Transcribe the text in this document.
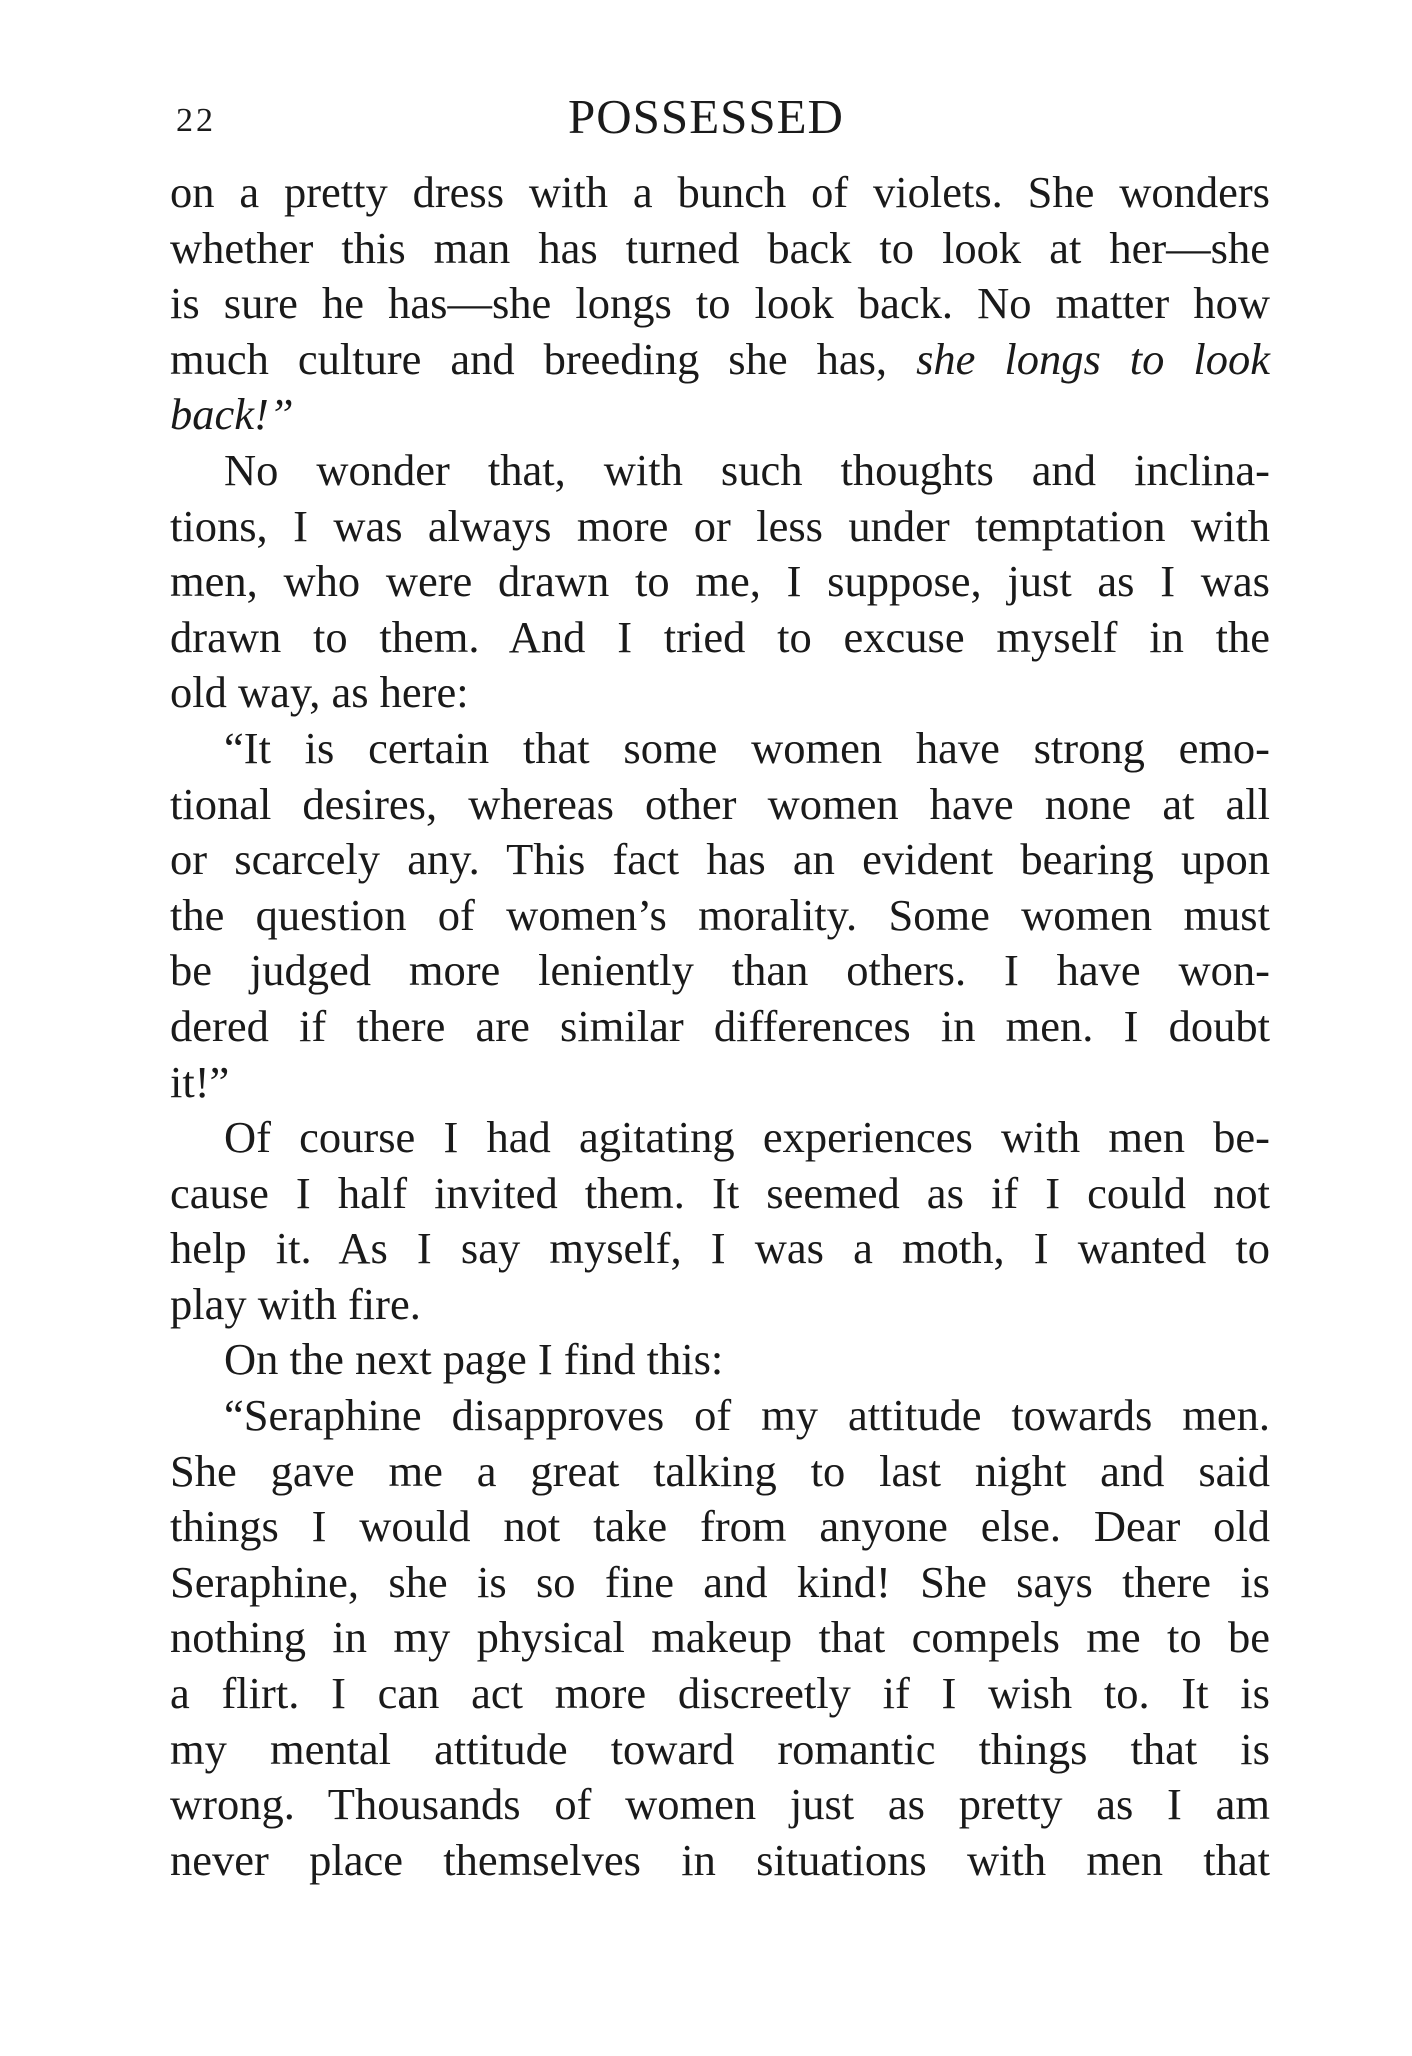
22	POSSESSED
on a pretty dress with a bunch of violets. She wonders
whether this man has turned back to look at her—she
is sure he has—she longs to look back. No matter how
much culture and breeding she has, she longs to look
back!”
No wonder that, with such thoughts and inclina-
tions, I was always more or less under temptation with
men, who were drawn to me, I suppose, just as I was
drawn to them. And I tried to excuse myself in the
old way, as here:
“It is certain that some women have strong emo-
tional desires, whereas other women have none at all
or scarcely any. This fact has an evident bearing upon
the question of women’s morality. Some women must
be judged more leniently than others. I have won-
dered if there are similar differences in men. I doubt
it!”
Of course I had agitating experiences with men be-
cause I half invited them. It seemed as if I could not
help it. As I say myself, I was a moth, I wanted to
play with fire.
On the next page I find this:
“Seraphine disapproves of my attitude towards men.
She gave me a great talking to last night and said
things I would not take from anyone else. Dear old
Seraphine, she is so fine and kind! She says there is
nothing in my physical makeup that compels me to be
a flirt. I can act more discreetly if I wish to. It is
my mental attitude toward romantic things that is
wrong. Thousands of women just as pretty as I am
never place themselves in situations with men that
